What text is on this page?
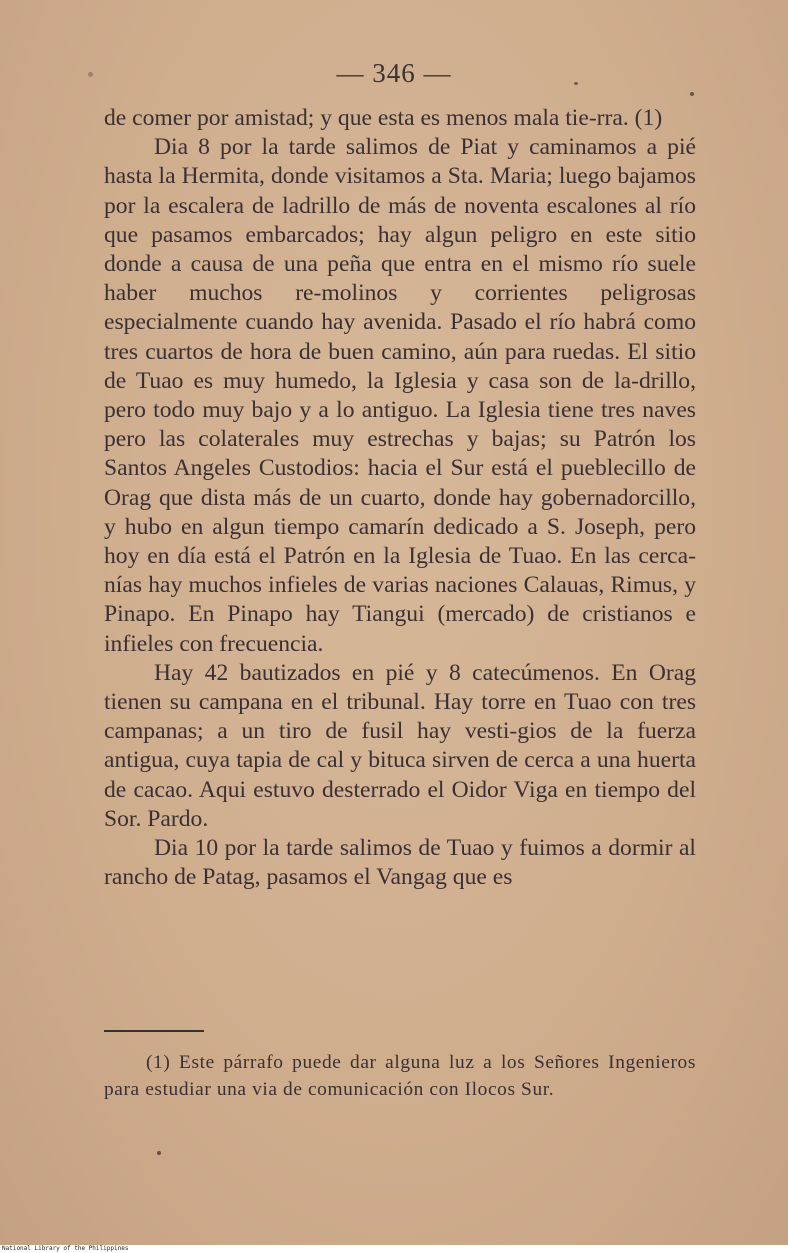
— 346 —

de comer por amistad; y que esta es menos mala tie-rra. (1)

Dia 8 por la tarde salimos de Piat y caminamos a pié hasta la Hermita, donde visitamos a Sta. Maria; luego bajamos por la escalera de ladrillo de más de noventa escalones al río que pasamos embarcados; hay algun peligro en este sitio donde a causa de una peña que entra en el mismo río suele haber muchos re-molinos y corrientes peligrosas especialmente cuando hay avenida. Pasado el río habrá como tres cuartos de hora de buen camino, aún para ruedas. El sitio de Tuao es muy humedo, la Iglesia y casa son de la-drillo, pero todo muy bajo y a lo antiguo. La Iglesia tiene tres naves pero las colaterales muy estrechas y bajas; su Patrón los Santos Angeles Custodios: hacia el Sur está el pueblecillo de Orag que dista más de un cuarto, donde hay gobernadorcillo, y hubo en algun tiempo camarín dedicado a S. Joseph, pero hoy en día está el Patrón en la Iglesia de Tuao. En las cerca-nías hay muchos infieles de varias naciones Calauas, Rimus, y Pinapo. En Pinapo hay Tiangui (mercado) de cristianos e infieles con frecuencia.

Hay 42 bautizados en pié y 8 catecúmenos. En Orag tienen su campana en el tribunal. Hay torre en Tuao con tres campanas; a un tiro de fusil hay vesti-gios de la fuerza antigua, cuya tapia de cal y bituca sirven de cerca a una huerta de cacao. Aqui estuvo desterrado el Oidor Viga en tiempo del Sor. Pardo.

Dia 10 por la tarde salimos de Tuao y fuimos a dormir al rancho de Patag, pasamos el Vangag que es

(1) Este párrafo puede dar alguna luz a los Señores Ingenieros para estudiar una via de comunicación con Ilocos Sur.
National Library of the Philippines
